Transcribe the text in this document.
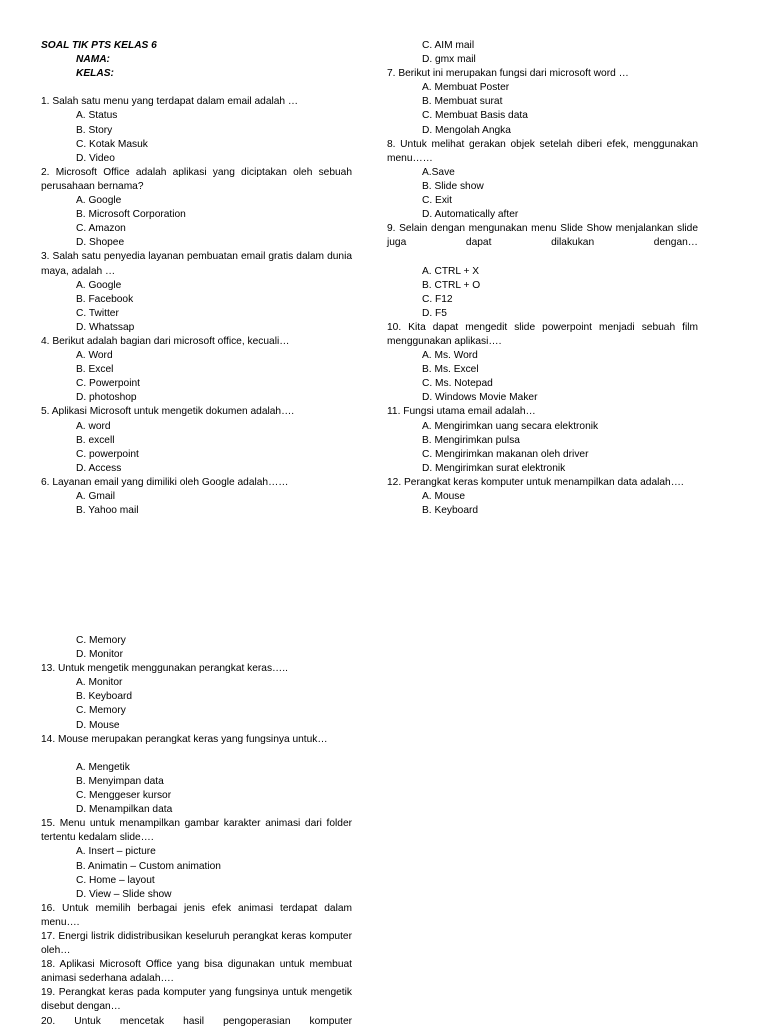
SOAL TIK PTS KELAS 6
NAMA:
KELAS:
1. Salah satu menu yang terdapat dalam email adalah …
A. Status
B. Story
C. Kotak Masuk
D. Video
2. Microsoft Office adalah aplikasi yang diciptakan oleh sebuah perusahaan bernama?
A. Google
B. Microsoft Corporation
C. Amazon
D. Shopee
3. Salah satu penyedia layanan pembuatan email gratis dalam dunia maya, adalah …
A. Google
B. Facebook
C. Twitter
D. Whatssap
4. Berikut adalah bagian dari microsoft office, kecuali…
A. Word
B. Excel
C. Powerpoint
D. photoshop
5. Aplikasi Microsoft untuk mengetik dokumen adalah….
A. word
B. excell
C. powerpoint
D. Access
6. Layanan email yang dimiliki oleh Google adalah……
A. Gmail
B. Yahoo mail
C. AIM mail
D. gmx mail
7. Berikut ini merupakan fungsi dari microsoft word …
A. Membuat Poster
B. Membuat surat
C. Membuat Basis data
D. Mengolah Angka
8. Untuk melihat gerakan objek setelah diberi efek, menggunakan menu……
A.Save
B. Slide show
C. Exit
D. Automatically after
9. Selain dengan mengunakan menu Slide Show menjalankan slide juga dapat dilakukan dengan…
A. CTRL + X
B. CTRL + O
C. F12
D. F5
10. Kita dapat mengedit slide powerpoint menjadi sebuah film menggunakan aplikasi….
A. Ms. Word
B. Ms. Excel
C. Ms. Notepad
D. Windows Movie Maker
11. Fungsi utama email adalah…
A. Mengirimkan uang secara elektronik
B. Mengirimkan pulsa
C. Mengirimkan makanan oleh driver
D. Mengirimkan surat elektronik
12. Perangkat keras komputer untuk menampilkan data adalah….
A. Mouse
B. Keyboard
C. Memory
D. Monitor
13. Untuk mengetik menggunakan perangkat keras…..
A. Monitor
B. Keyboard
C. Memory
D. Mouse
14. Mouse merupakan perangkat keras yang fungsinya untuk…
A. Mengetik
B. Menyimpan data
C. Menggeser kursor
D. Menampilkan data
15. Menu untuk menampilkan gambar karakter animasi dari folder tertentu kedalam slide….
A. Insert – picture
B. Animatin – Custom animation
C. Home – layout
D. View – Slide show
16. Untuk memilih berbagai jenis efek animasi terdapat dalam menu….
17. Energi listrik didistribusikan keseluruh perangkat keras komputer oleh…
18. Aplikasi Microsoft Office yang bisa digunakan untuk membuat animasi sederhana adalah….
19. Perangkat keras pada komputer yang fungsinya untuk mengetik disebut dengan…
20. Untuk mencetak hasil pengoperasian komputer
